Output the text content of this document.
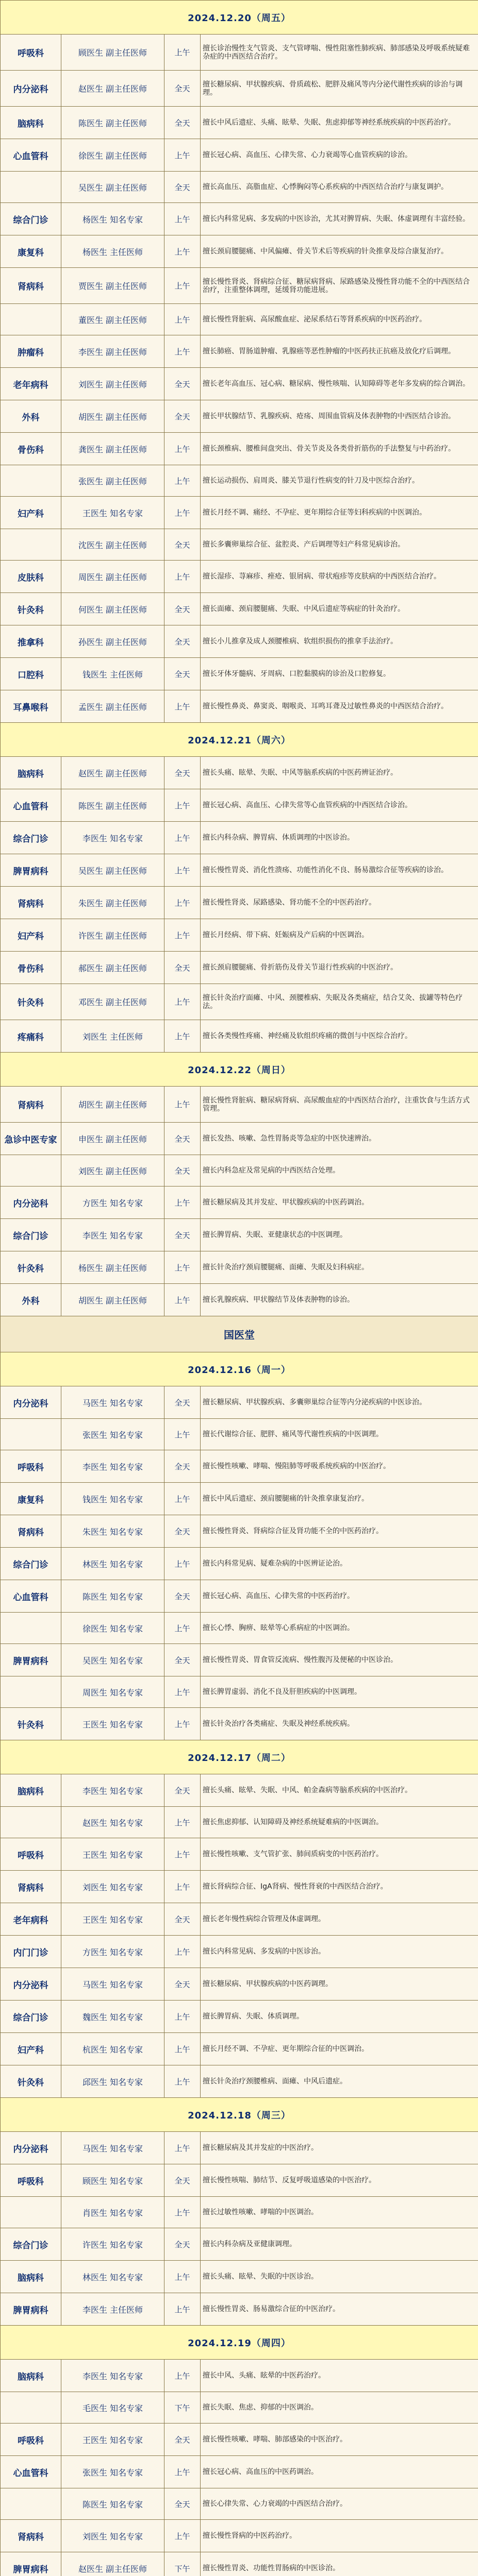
2024.12.20（周五）			
呼吸科	顾医生 副主任医师	上午	擅长诊治慢性支气管炎、支气管哮喘、慢性阻塞性肺疾病、肺部感染及呼吸系统疑难杂症的中西医结合治疗。
内分泌科	赵医生 副主任医师	全天	擅长糖尿病、甲状腺疾病、骨质疏松、肥胖及痛风等内分泌代谢性疾病的诊治与调理。
脑病科	陈医生 副主任医师	全天	擅长中风后遗症、头痛、眩晕、失眠、焦虑抑郁等神经系统疾病的中医药治疗。
心血管科	徐医生 副主任医师	上午	擅长冠心病、高血压、心律失常、心力衰竭等心血管疾病的诊治。
	吴医生 副主任医师	全天	擅长高血压、高脂血症、心悸胸闷等心系疾病的中西医结合治疗与康复调护。
综合门诊	杨医生 知名专家	上午	擅长内科常见病、多发病的中医诊治，尤其对脾胃病、失眠、体虚调理有丰富经验。
康复科	杨医生 主任医师	上午	擅长颈肩腰腿痛、中风偏瘫、骨关节术后等疾病的针灸推拿及综合康复治疗。
肾病科	贾医生 副主任医师	上午	擅长慢性肾炎、肾病综合征、糖尿病肾病、尿路感染及慢性肾功能不全的中西医结合治疗，注重整体调理，延缓肾功能进展。
	董医生 副主任医师	上午	擅长慢性肾脏病、高尿酸血症、泌尿系结石等肾系疾病的中医药治疗。
肿瘤科	李医生 副主任医师	上午	擅长肺癌、胃肠道肿瘤、乳腺癌等恶性肿瘤的中医药扶正抗癌及放化疗后调理。
老年病科	刘医生 副主任医师	全天	擅长老年高血压、冠心病、糖尿病、慢性咳喘、认知障碍等老年多发病的综合调治。
外科	胡医生 副主任医师	全天	擅长甲状腺结节、乳腺疾病、疮疡、周围血管病及体表肿物的中西医结合诊治。
骨伤科	龚医生 副主任医师	上午	擅长颈椎病、腰椎间盘突出、骨关节炎及各类骨折筋伤的手法整复与中药治疗。
	张医生 副主任医师	上午	擅长运动损伤、肩周炎、膝关节退行性病变的针刀及中医综合治疗。
妇产科	王医生 知名专家	上午	擅长月经不调、痛经、不孕症、更年期综合征等妇科疾病的中医调治。
	沈医生 副主任医师	全天	擅长多囊卵巢综合征、盆腔炎、产后调理等妇产科常见病诊治。
皮肤科	周医生 副主任医师	上午	擅长湿疹、荨麻疹、痤疮、银屑病、带状疱疹等皮肤病的中西医结合治疗。
针灸科	何医生 副主任医师	全天	擅长面瘫、颈肩腰腿痛、失眠、中风后遗症等病症的针灸治疗。
推拿科	孙医生 副主任医师	全天	擅长小儿推拿及成人颈腰椎病、软组织损伤的推拿手法治疗。
口腔科	钱医生 主任医师	全天	擅长牙体牙髓病、牙周病、口腔黏膜病的诊治及口腔修复。
耳鼻喉科	孟医生 副主任医师	上午	擅长慢性鼻炎、鼻窦炎、咽喉炎、耳鸣耳聋及过敏性鼻炎的中西医结合治疗。
2024.12.21（周六）			
脑病科	赵医生 副主任医师	全天	擅长头痛、眩晕、失眠、中风等脑系疾病的中医药辨证治疗。
心血管科	陈医生 副主任医师	上午	擅长冠心病、高血压、心律失常等心血管疾病的中西医结合诊治。
综合门诊	李医生 知名专家	上午	擅长内科杂病、脾胃病、体质调理的中医诊治。
脾胃病科	吴医生 副主任医师	上午	擅长慢性胃炎、消化性溃疡、功能性消化不良、肠易激综合征等疾病的诊治。
肾病科	朱医生 副主任医师	上午	擅长慢性肾炎、尿路感染、肾功能不全的中医药治疗。
妇产科	许医生 副主任医师	上午	擅长月经病、带下病、妊娠病及产后病的中医调治。
骨伤科	郝医生 副主任医师	全天	擅长颈肩腰腿痛、骨折筋伤及骨关节退行性疾病的中医治疗。
针灸科	邓医生 副主任医师	上午	擅长针灸治疗面瘫、中风、颈腰椎病、失眠及各类痛症，结合艾灸、拔罐等特色疗法。
疼痛科	刘医生 主任医师	上午	擅长各类慢性疼痛、神经痛及软组织疼痛的微创与中医综合治疗。
2024.12.22（周日）			
肾病科	胡医生 副主任医师	上午	擅长慢性肾脏病、糖尿病肾病、高尿酸血症的中西医结合治疗，注重饮食与生活方式管理。
急诊中医专家	申医生 副主任医师	全天	擅长发热、咳嗽、急性胃肠炎等急症的中医快速辨治。
	刘医生 副主任医师	全天	擅长内科急症及常见病的中西医结合处理。
内分泌科	方医生 知名专家	上午	擅长糖尿病及其并发症、甲状腺疾病的中医药调治。
综合门诊	李医生 知名专家	全天	擅长脾胃病、失眠、亚健康状态的中医调理。
针灸科	杨医生 副主任医师	上午	擅长针灸治疗颈肩腰腿痛、面瘫、失眠及妇科病症。
外科	胡医生 副主任医师	上午	擅长乳腺疾病、甲状腺结节及体表肿物的诊治。
国医堂			
2024.12.16（周一）			
内分泌科	马医生 知名专家	全天	擅长糖尿病、甲状腺疾病、多囊卵巢综合征等内分泌疾病的中医诊治。
	张医生 知名专家	上午	擅长代谢综合征、肥胖、痛风等代谢性疾病的中医调理。
呼吸科	李医生 知名专家	全天	擅长慢性咳嗽、哮喘、慢阻肺等呼吸系统疾病的中医治疗。
康复科	钱医生 知名专家	上午	擅长中风后遗症、颈肩腰腿痛的针灸推拿康复治疗。
肾病科	朱医生 知名专家	全天	擅长慢性肾炎、肾病综合征及肾功能不全的中医药治疗。
综合门诊	林医生 知名专家	上午	擅长内科常见病、疑难杂病的中医辨证论治。
心血管科	陈医生 知名专家	全天	擅长冠心病、高血压、心律失常的中医药治疗。
	徐医生 知名专家	上午	擅长心悸、胸痹、眩晕等心系病症的中医调治。
脾胃病科	吴医生 知名专家	全天	擅长慢性胃炎、胃食管反流病、慢性腹泻及便秘的中医诊治。
	周医生 知名专家	上午	擅长脾胃虚弱、消化不良及肝胆疾病的中医调理。
针灸科	王医生 知名专家	上午	擅长针灸治疗各类痛症、失眠及神经系统疾病。
2024.12.17（周二）			
脑病科	李医生 知名专家	全天	擅长头痛、眩晕、失眠、中风、帕金森病等脑系疾病的中医治疗。
	赵医生 知名专家	上午	擅长焦虑抑郁、认知障碍及神经系统疑难病的中医调治。
呼吸科	王医生 知名专家	上午	擅长慢性咳嗽、支气管扩张、肺间质病变的中医药治疗。
肾病科	刘医生 知名专家	上午	擅长肾病综合征、IgA肾病、慢性肾衰的中西医结合治疗。
老年病科	王医生 知名专家	全天	擅长老年慢性病综合管理及体虚调理。
内门门诊	方医生 知名专家	上午	擅长内科常见病、多发病的中医诊治。
内分泌科	马医生 知名专家	全天	擅长糖尿病、甲状腺疾病的中医药调理。
综合门诊	魏医生 知名专家	上午	擅长脾胃病、失眠、体质调理。
妇产科	杭医生 知名专家	上午	擅长月经不调、不孕症、更年期综合征的中医调治。
针灸科	邱医生 知名专家	上午	擅长针灸治疗颈腰椎病、面瘫、中风后遗症。
2024.12.18（周三）			
内分泌科	马医生 知名专家	上午	擅长糖尿病及其并发症的中医治疗。
呼吸科	顾医生 知名专家	全天	擅长慢性咳喘、肺结节、反复呼吸道感染的中医治疗。
	肖医生 知名专家	上午	擅长过敏性咳嗽、哮喘的中医调治。
综合门诊	许医生 知名专家	全天	擅长内科杂病及亚健康调理。
脑病科	林医生 知名专家	上午	擅长头痛、眩晕、失眠的中医诊治。
脾胃病科	李医生 主任医师	上午	擅长慢性胃炎、肠易激综合征的中医治疗。
2024.12.19（周四）			
脑病科	李医生 知名专家	上午	擅长中风、头痛、眩晕的中医药治疗。
	毛医生 知名专家	下午	擅长失眠、焦虑、抑郁的中医调治。
呼吸科	王医生 知名专家	全天	擅长慢性咳嗽、哮喘、肺部感染的中医治疗。
心血管科	张医生 知名专家	上午	擅长冠心病、高血压的中医药调治。
	陈医生 知名专家	全天	擅长心律失常、心力衰竭的中西医结合治疗。
肾病科	刘医生 知名专家	上午	擅长慢性肾病的中医药治疗。
脾胃病科	赵医生 副主任医师	下午	擅长慢性胃炎、功能性胃肠病的中医诊治。
